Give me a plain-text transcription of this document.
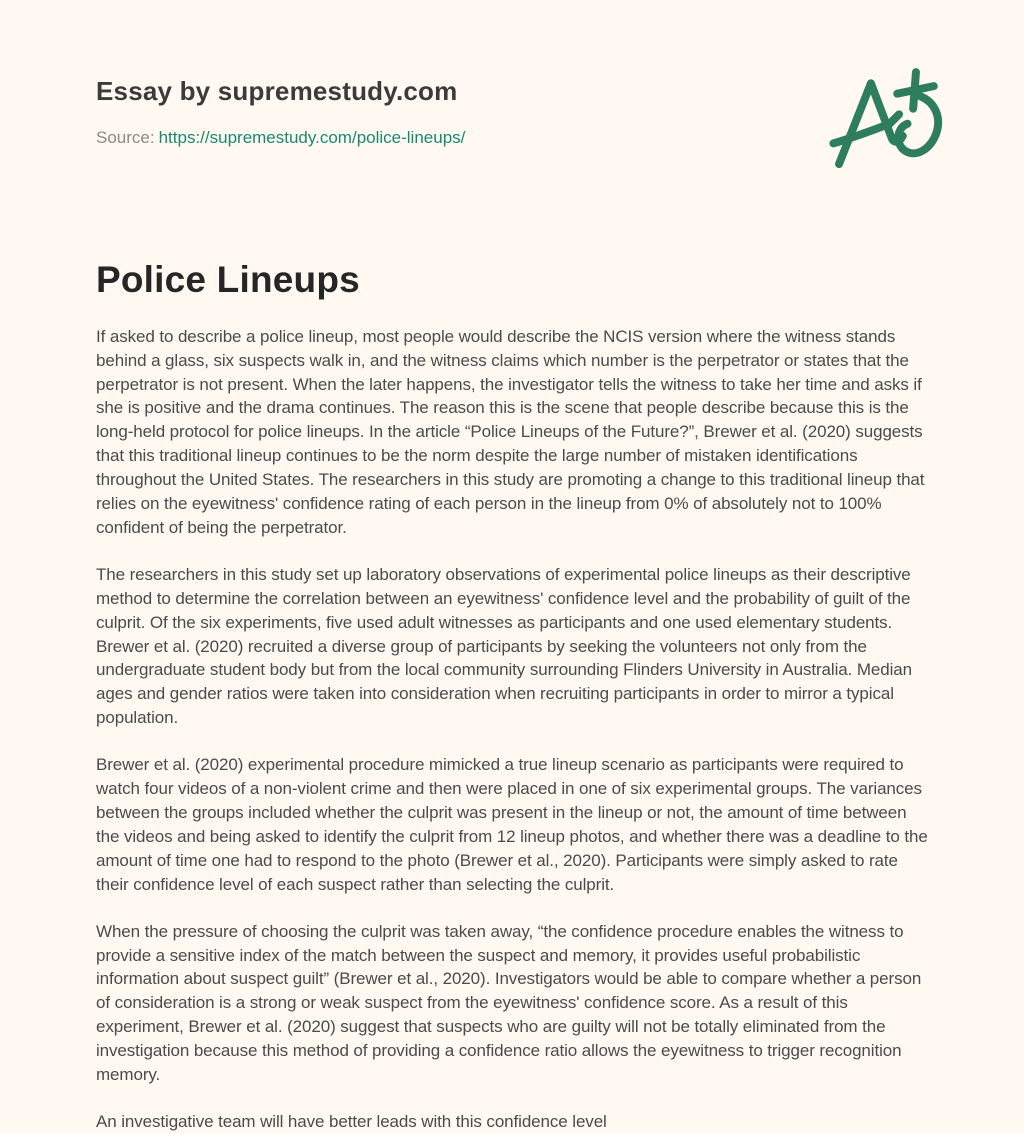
Essay by supremestudy.com
Source: https://supremestudy.com/police-lineups/
Police Lineups

If asked to describe a police lineup, most people would describe the NCIS version where the witness stands behind a glass, six suspects walk in, and the witness claims which number is the perpetrator or states that the perpetrator is not present. When the later happens, the investigator tells the witness to take her time and asks if she is positive and the drama continues. The reason this is the scene that people describe because this is the long-held protocol for police lineups. In the article “Police Lineups of the Future?”, Brewer et al. (2020) suggests that this traditional lineup continues to be the norm despite the large number of mistaken identifications throughout the United States. The researchers in this study are promoting a change to this traditional lineup that relies on the eyewitness' confidence rating of each person in the lineup from 0% of absolutely not to 100% confident of being the perpetrator.

The researchers in this study set up laboratory observations of experimental police lineups as their descriptive method to determine the correlation between an eyewitness' confidence level and the probability of guilt of the culprit. Of the six experiments, five used adult witnesses as participants and one used elementary students. Brewer et al. (2020) recruited a diverse group of participants by seeking the volunteers not only from the undergraduate student body but from the local community surrounding Flinders University in Australia. Median ages and gender ratios were taken into consideration when recruiting participants in order to mirror a typical population.

Brewer et al. (2020) experimental procedure mimicked a true lineup scenario as participants were required to watch four videos of a non-violent crime and then were placed in one of six experimental groups. The variances between the groups included whether the culprit was present in the lineup or not, the amount of time between the videos and being asked to identify the culprit from 12 lineup photos, and whether there was a deadline to the amount of time one had to respond to the photo (Brewer et al., 2020). Participants were simply asked to rate their confidence level of each suspect rather than selecting the culprit.

When the pressure of choosing the culprit was taken away, “the confidence procedure enables the witness to provide a sensitive index of the match between the suspect and memory, it provides useful probabilistic information about suspect guilt” (Brewer et al., 2020). Investigators would be able to compare whether a person of consideration is a strong or weak suspect from the eyewitness' confidence score. As a result of this experiment, Brewer et al. (2020) suggest that suspects who are guilty will not be totally eliminated from the investigation because this method of providing a confidence ratio allows the eyewitness to trigger recognition memory.

An investigative team will have better leads with this confidence level
